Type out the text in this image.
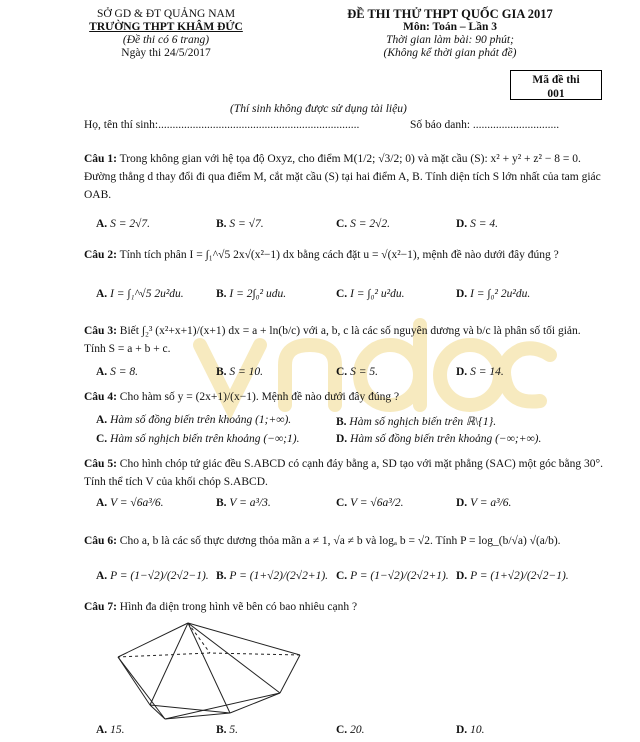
SỞ GD & ĐT QUẢNG NAM
TRƯỜNG THPT KHÂM ĐỨC
(Đề thi có 6 trang)
Ngày thi 24/5/2017
ĐỀ THI THỬ THPT QUỐC GIA 2017
Môn: Toán – Lần 3
Thời gian làm bài: 90 phút;
(Không kể thời gian phát đề)
Mã đề thi
001
(Thí sinh không được sử dụng tài liệu)
Họ, tên thí sinh:......................................................................	Số báo danh: ..............................
Câu 1: Trong không gian với hệ tọa độ Oxyz, cho điểm M(1/2; √3/2; 0) và mặt cầu (S): x² + y² + z² − 8 = 0. Đường thẳng d thay đổi đi qua điểm M, cắt mặt cầu (S) tại hai điểm A, B. Tính diện tích S lớn nhất của tam giác OAB.
A. S = 2√7.	B. S = √7.	C. S = 2√2.	D. S = 4.
Câu 2: Tính tích phân I = ∫₁^√5 2x√(x²−1) dx bằng cách đặt u = √(x²−1), mệnh đề nào dưới đây đúng ?
A. I = ∫₁^√5 2u²du.	B. I = 2∫₀² udu.	C. I = ∫₀² u²du.	D. I = ∫₀² 2u²du.
Câu 3: Biết ∫₂³ (x²+x+1)/(x+1) dx = a + ln(b/c) với a, b, c là các số nguyên dương và b/c là phân số tối giản. Tính S = a + b + c.
A. S = 8.	B. S = 10.	C. S = 5.	D. S = 14.
Câu 4: Cho hàm số y = (2x+1)/(x−1). Mệnh đề nào dưới đây đúng ?
A. Hàm số đồng biến trên khoảng (1;+∞).	B. Hàm số nghịch biến trên ℝ\{1}.
C. Hàm số nghịch biến trên khoảng (−∞;1).	D. Hàm số đồng biến trên khoảng (−∞;+∞).
Câu 5: Cho hình chóp tứ giác đều S.ABCD có cạnh đáy bằng a, SD tạo với mặt phẳng (SAC) một góc bằng 30°. Tính thể tích V của khối chóp S.ABCD.
A. V = √6a³/6.	B. V = a³/3.	C. V = √6a³/2.	D. V = a³/6.
Câu 6: Cho a, b là các số thực dương thỏa mãn a ≠ 1, √a ≠ b và logₐ b = √2. Tính P = log_(b/√a) √(a/b).
A. P = (1−√2)/(2√2−1). B. P = (1+√2)/(2√2+1). C. P = (1−√2)/(2√2+1). D. P = (1+√2)/(2√2−1).
Câu 7: Hình đa diện trong hình vẽ bên có bao nhiêu cạnh ?
A. 15.	B. 5.	C. 20.	D. 10.
